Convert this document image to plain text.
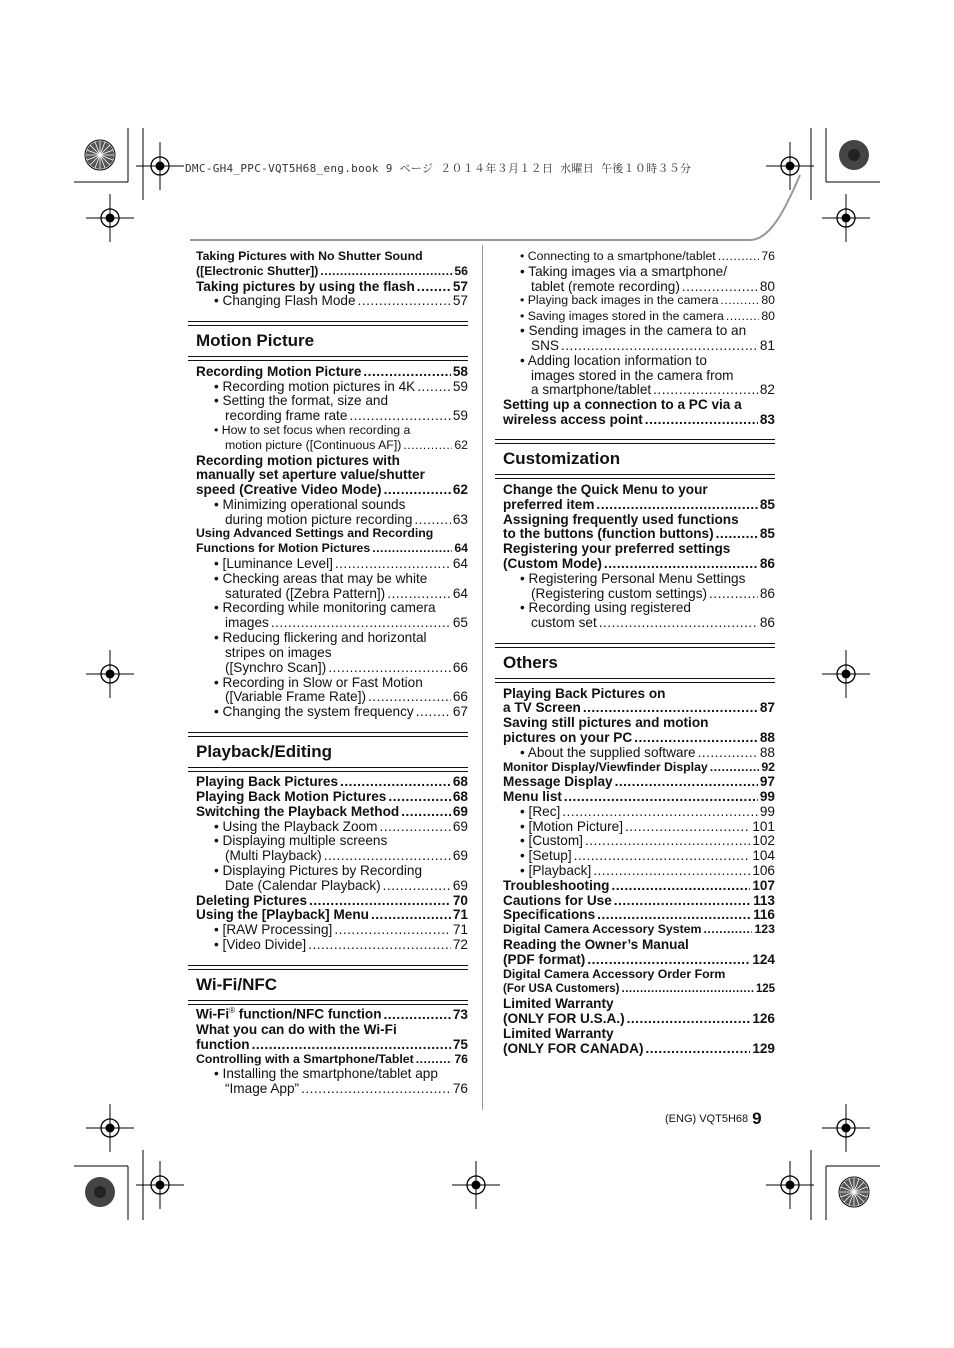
DMC-GH4_PPC-VQT5H68_eng.book 9 ページ ２０１４年３月１２日 水曜日 午後１０時３５分
Taking Pictures with No Shutter Sound
([Electronic Shutter]) .....	56
Taking pictures by using the flash .....	57
• Changing Flash Mode .....	57
Motion Picture
Recording Motion Picture .....	58
• Recording motion pictures in 4K .....	59
• Setting the format, size and
recording frame rate .....	59
• How to set focus when recording a
motion picture ([Continuous AF]) .....	62
Recording motion pictures with
manually set aperture value/shutter
speed (Creative Video Mode) .....	62
• Minimizing operational sounds
during motion picture recording .....	63
Using Advanced Settings and Recording
Functions for Motion Pictures .....	64
• [Luminance Level] .....	64
• Checking areas that may be white
saturated ([Zebra Pattern]) .....	64
• Recording while monitoring camera
images .....	65
• Reducing flickering and horizontal
stripes on images
([Synchro Scan]) .....	66
• Recording in Slow or Fast Motion
([Variable Frame Rate]) .....	66
• Changing the system frequency .....	67
Playback/Editing
Playing Back Pictures .....	68
Playing Back Motion Pictures .....	68
Switching the Playback Method .....	69
• Using the Playback Zoom .....	69
• Displaying multiple screens
(Multi Playback) .....	69
• Displaying Pictures by Recording
Date (Calendar Playback) .....	69
Deleting Pictures .....	70
Using the [Playback] Menu .....	71
• [RAW Processing] .....	71
• [Video Divide] .....	72
Wi-Fi/NFC
Wi-Fi® function/NFC function .....	73
What you can do with the Wi-Fi
function .....	75
Controlling with a Smartphone/Tablet .....	76
• Installing the smartphone/tablet app
“Image App” .....	76
• Connecting to a smartphone/tablet .....	76
• Taking images via a smartphone/
tablet (remote recording) .....	80
• Playing back images in the camera .....	80
• Saving images stored in the camera .....	80
• Sending images in the camera to an
SNS .....	81
• Adding location information to
images stored in the camera from
a smartphone/tablet .....	82
Setting up a connection to a PC via a
wireless access point .....	83
Customization
Change the Quick Menu to your
preferred item .....	85
Assigning frequently used functions
to the buttons (function buttons) .....	85
Registering your preferred settings
(Custom Mode) .....	86
• Registering Personal Menu Settings
(Registering custom settings) .....	86
• Recording using registered
custom set .....	86
Others
Playing Back Pictures on
a TV Screen .....	87
Saving still pictures and motion
pictures on your PC .....	88
• About the supplied software .....	88
Monitor Display/Viewfinder Display .....	92
Message Display .....	97
Menu list .....	99
• [Rec] .....	99
• [Motion Picture] .....	101
• [Custom] .....	102
• [Setup] .....	104
• [Playback] .....	106
Troubleshooting .....	107
Cautions for Use .....	113
Specifications .....	116
Digital Camera Accessory System .....	123
Reading the Owner’s Manual
(PDF format) .....	124
Digital Camera Accessory Order Form
(For USA Customers) .....	125
Limited Warranty
(ONLY FOR U.S.A.) .....	126
Limited Warranty
(ONLY FOR CANADA) .....	129
(ENG) VQT5H68 9
